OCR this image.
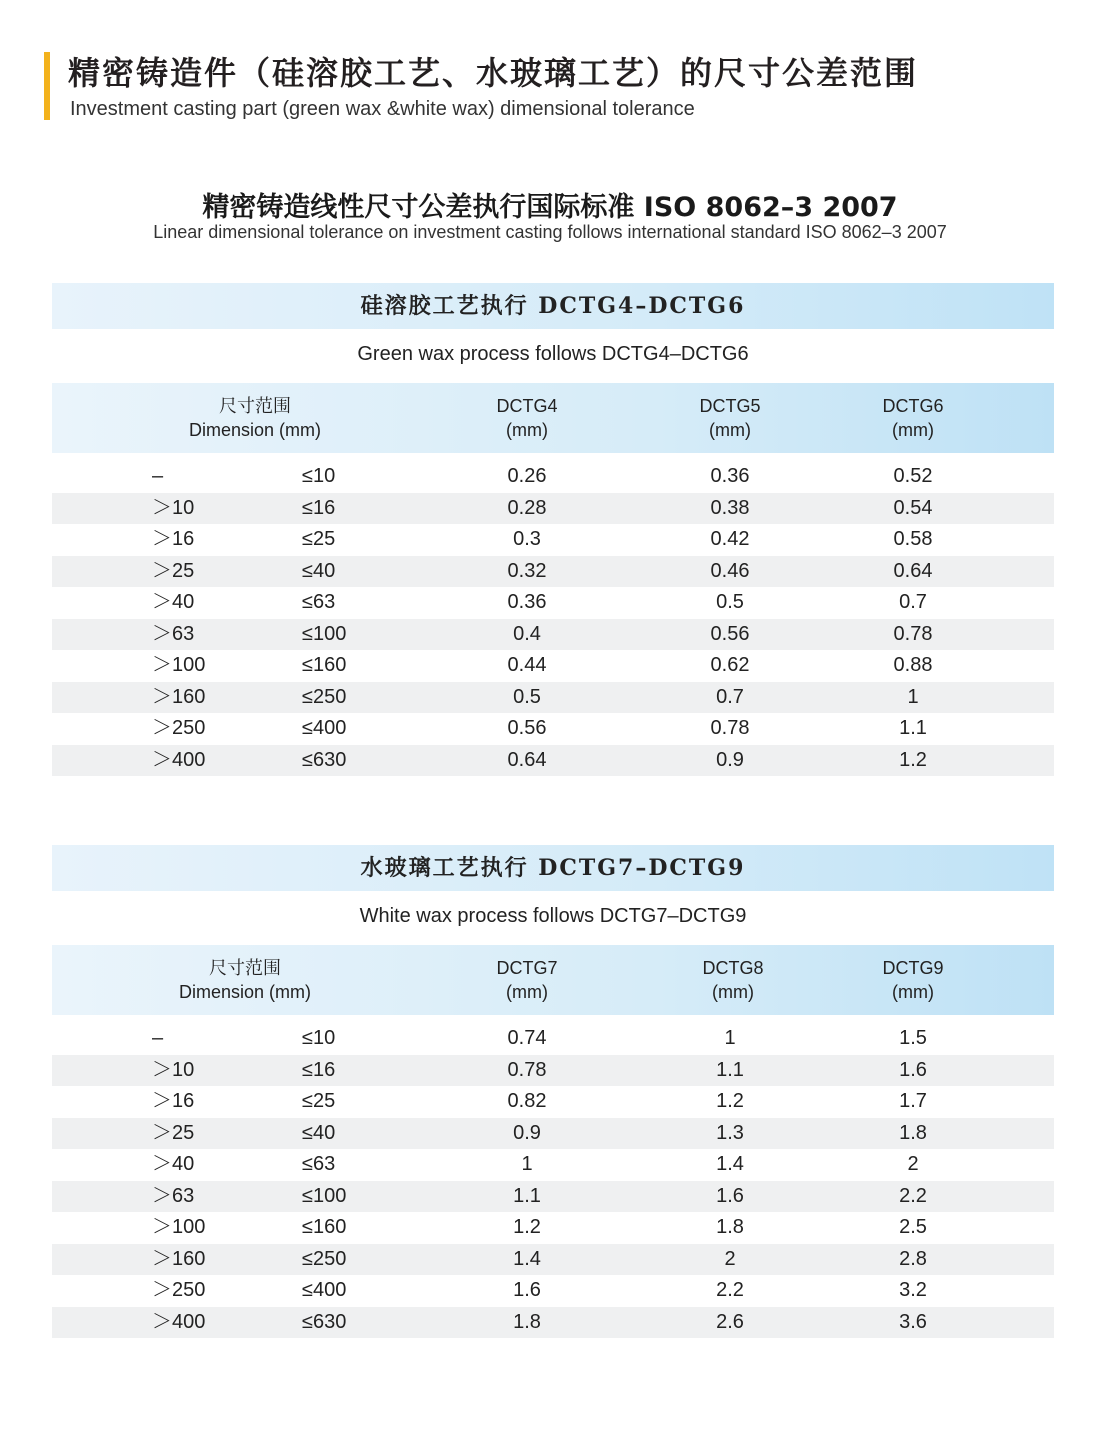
精密铸造件（硅溶胶工艺、水玻璃工艺）的尺寸公差范围
Investment casting part (green wax &white wax) dimensional tolerance
精密铸造线性尺寸公差执行国际标准 ISO 8062–3 2007
Linear dimensional tolerance on investment casting follows international standard ISO 8062–3 2007
硅溶胶工艺执行 DCTG4–DCTG6
Green wax process follows DCTG4–DCTG6
尺寸范围
Dimension (mm)
DCTG4
(mm)
DCTG5
(mm)
DCTG6
(mm)
–	≤10	0.26	0.36	0.52
＞10	≤16	0.28	0.38	0.54
＞16	≤25	0.3	0.42	0.58
＞25	≤40	0.32	0.46	0.64
＞40	≤63	0.36	0.5	0.7
＞63	≤100	0.4	0.56	0.78
＞100	≤160	0.44	0.62	0.88
＞160	≤250	0.5	0.7	1
＞250	≤400	0.56	0.78	1.1
＞400	≤630	0.64	0.9	1.2
水玻璃工艺执行 DCTG7–DCTG9
White wax process follows DCTG7–DCTG9
尺寸范围
Dimension (mm)
DCTG7
(mm)
DCTG8
(mm)
DCTG9
(mm)
–	≤10	0.74	1	1.5
＞10	≤16	0.78	1.1	1.6
＞16	≤25	0.82	1.2	1.7
＞25	≤40	0.9	1.3	1.8
＞40	≤63	1	1.4	2
＞63	≤100	1.1	1.6	2.2
＞100	≤160	1.2	1.8	2.5
＞160	≤250	1.4	2	2.8
＞250	≤400	1.6	2.2	3.2
＞400	≤630	1.8	2.6	3.6
